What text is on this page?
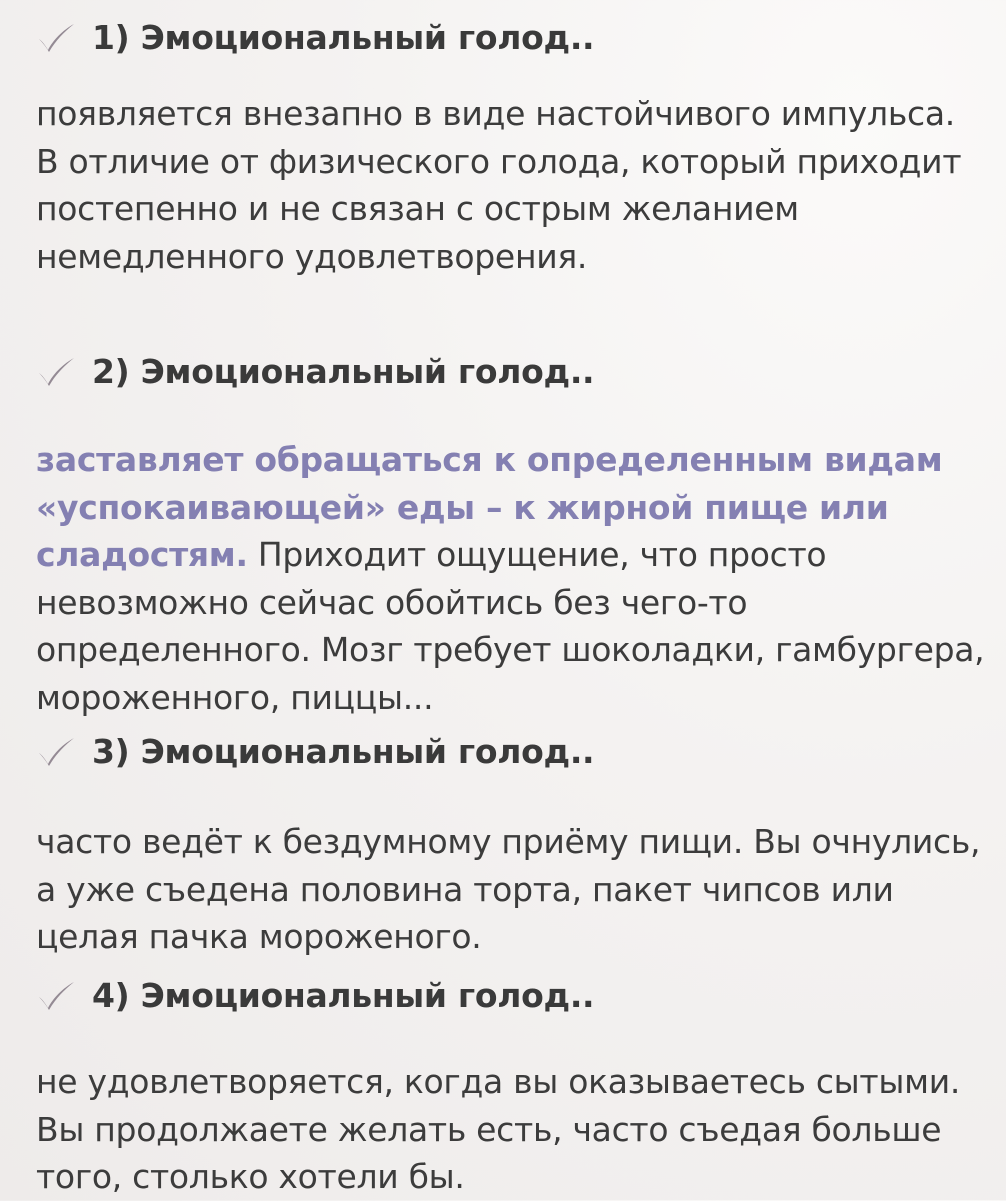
1) Эмоциональный голод..

появляется внезапно в виде настойчивого импульса. В отличие от физического голода, который приходит постепенно и не связан с острым желанием немедленного удовлетворения.

2) Эмоциональный голод..

заставляет обращаться к определенным видам «успокаивающей» еды – к жирной пище или сладостям. Приходит ощущение, что просто невозможно сейчас обойтись без чего-то определенного. Мозг требует шоколадки, гамбургера, мороженного, пиццы...

3) Эмоциональный голод..

часто ведёт к бездумному приёму пищи. Вы очнулись, а уже съедена половина торта, пакет чипсов или целая пачка мороженого.

4) Эмоциональный голод..

не удовлетворяется, когда вы оказываетесь сытыми. Вы продолжаете желать есть, часто съедая больше того, столько хотели бы.
